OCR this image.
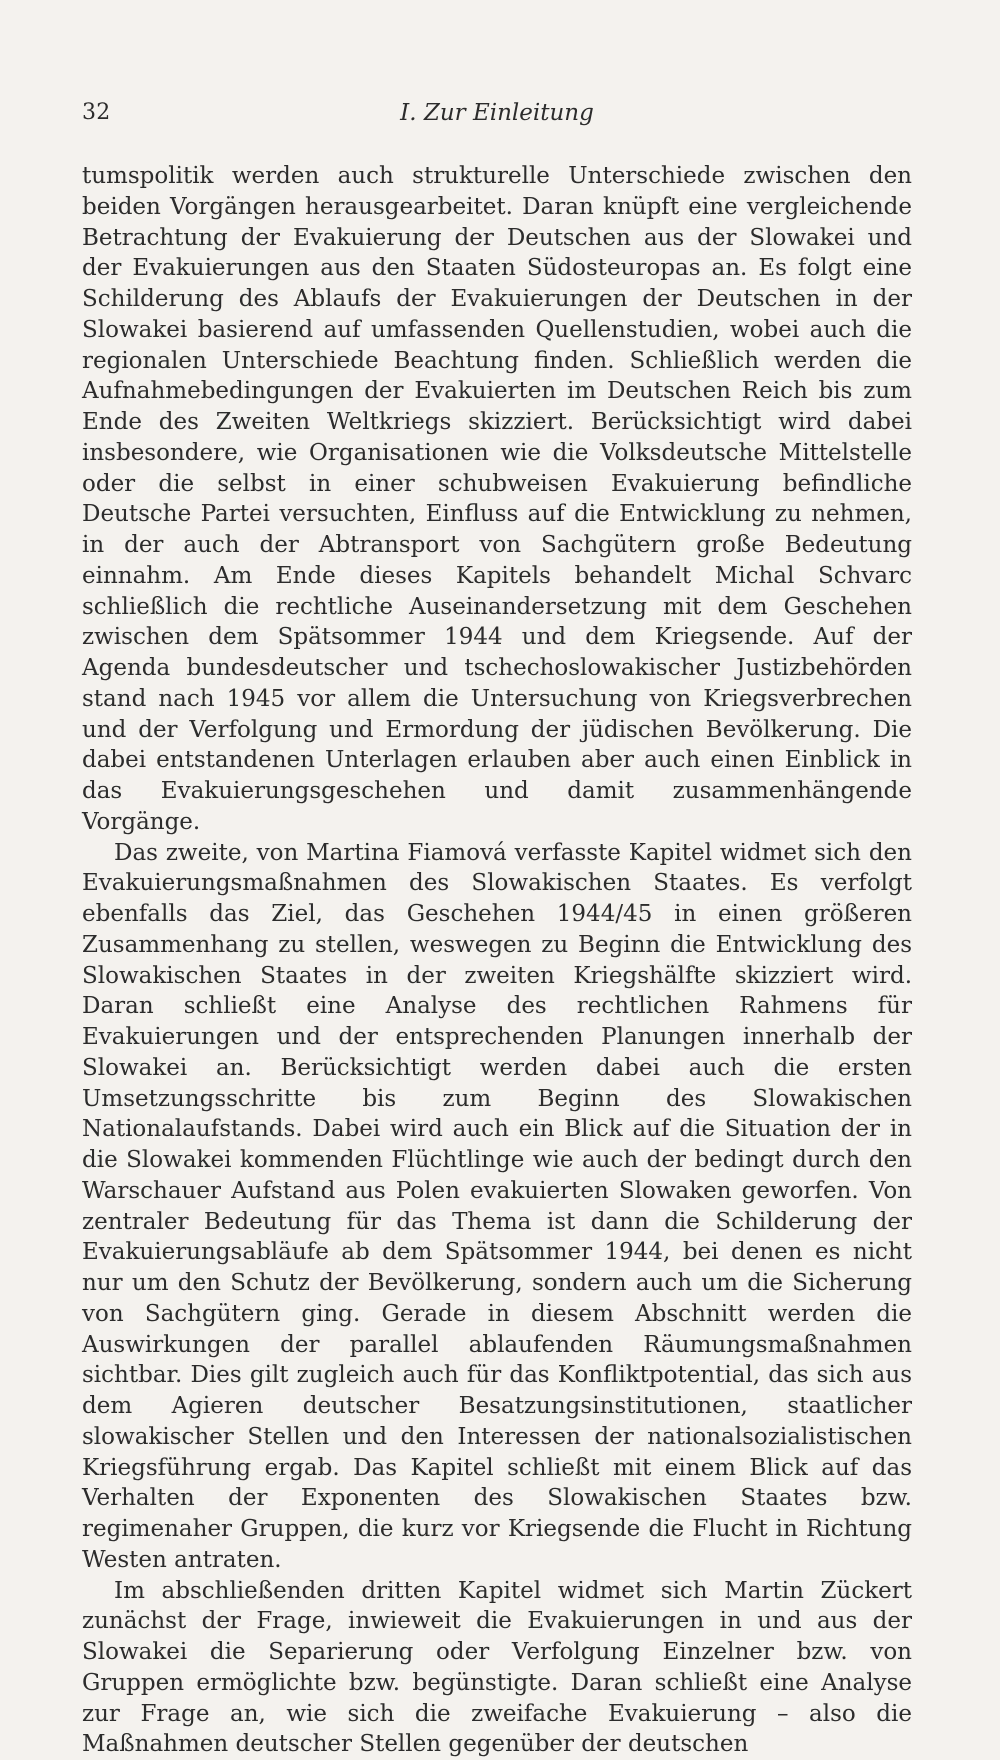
32	I. Zur Einleitung

tumspolitik werden auch strukturelle Unterschiede zwischen den beiden Vorgängen herausgearbeitet. Daran knüpft eine vergleichende Betrachtung der Evakuierung der Deutschen aus der Slowakei und der Evakuierungen aus den Staaten Südosteuropas an. Es folgt eine Schilderung des Ablaufs der Evakuierungen der Deutschen in der Slowakei basierend auf umfassenden Quellenstudien, wobei auch die regionalen Unterschiede Beachtung finden. Schließlich werden die Aufnahmebedingungen der Evakuierten im Deutschen Reich bis zum Ende des Zweiten Weltkriegs skizziert. Berücksichtigt wird dabei insbesondere, wie Organisationen wie die Volksdeutsche Mittelstelle oder die selbst in einer schubweisen Evakuierung befindliche Deutsche Partei versuchten, Einfluss auf die Entwicklung zu nehmen, in der auch der Abtransport von Sachgütern große Bedeutung einnahm. Am Ende dieses Kapitels behandelt Michal Schvarc schließlich die rechtliche Auseinandersetzung mit dem Geschehen zwischen dem Spätsommer 1944 und dem Kriegsende. Auf der Agenda bundesdeutscher und tschechoslowakischer Justizbehörden stand nach 1945 vor allem die Untersuchung von Kriegsverbrechen und der Verfolgung und Ermordung der jüdischen Bevölkerung. Die dabei entstandenen Unterlagen erlauben aber auch einen Einblick in das Evakuierungsgeschehen und damit zusammenhängende Vorgänge.

Das zweite, von Martina Fiamová verfasste Kapitel widmet sich den Evakuierungsmaßnahmen des Slowakischen Staates. Es verfolgt ebenfalls das Ziel, das Geschehen 1944/45 in einen größeren Zusammenhang zu stellen, weswegen zu Beginn die Entwicklung des Slowakischen Staates in der zweiten Kriegshälfte skizziert wird. Daran schließt eine Analyse des rechtlichen Rahmens für Evakuierungen und der entsprechenden Planungen innerhalb der Slowakei an. Berücksichtigt werden dabei auch die ersten Umsetzungsschritte bis zum Beginn des Slowakischen Nationalaufstands. Dabei wird auch ein Blick auf die Situation der in die Slowakei kommenden Flüchtlinge wie auch der bedingt durch den Warschauer Aufstand aus Polen evakuierten Slowaken geworfen. Von zentraler Bedeutung für das Thema ist dann die Schilderung der Evakuierungsabläufe ab dem Spätsommer 1944, bei denen es nicht nur um den Schutz der Bevölkerung, sondern auch um die Sicherung von Sachgütern ging. Gerade in diesem Abschnitt werden die Auswirkungen der parallel ablaufenden Räumungsmaßnahmen sichtbar. Dies gilt zugleich auch für das Konfliktpotential, das sich aus dem Agieren deutscher Besatzungsinstitutionen, staatlicher slowakischer Stellen und den Interessen der nationalsozialistischen Kriegsführung ergab. Das Kapitel schließt mit einem Blick auf das Verhalten der Exponenten des Slowakischen Staates bzw. regimenaher Gruppen, die kurz vor Kriegsende die Flucht in Richtung Westen antraten.

Im abschließenden dritten Kapitel widmet sich Martin Zückert zunächst der Frage, inwieweit die Evakuierungen in und aus der Slowakei die Separierung oder Verfolgung Einzelner bzw. von Gruppen ermöglichte bzw. begünstigte. Daran schließt eine Analyse zur Frage an, wie sich die zweifache Evakuierung – also die Maßnahmen deutscher Stellen gegenüber der deutschen
